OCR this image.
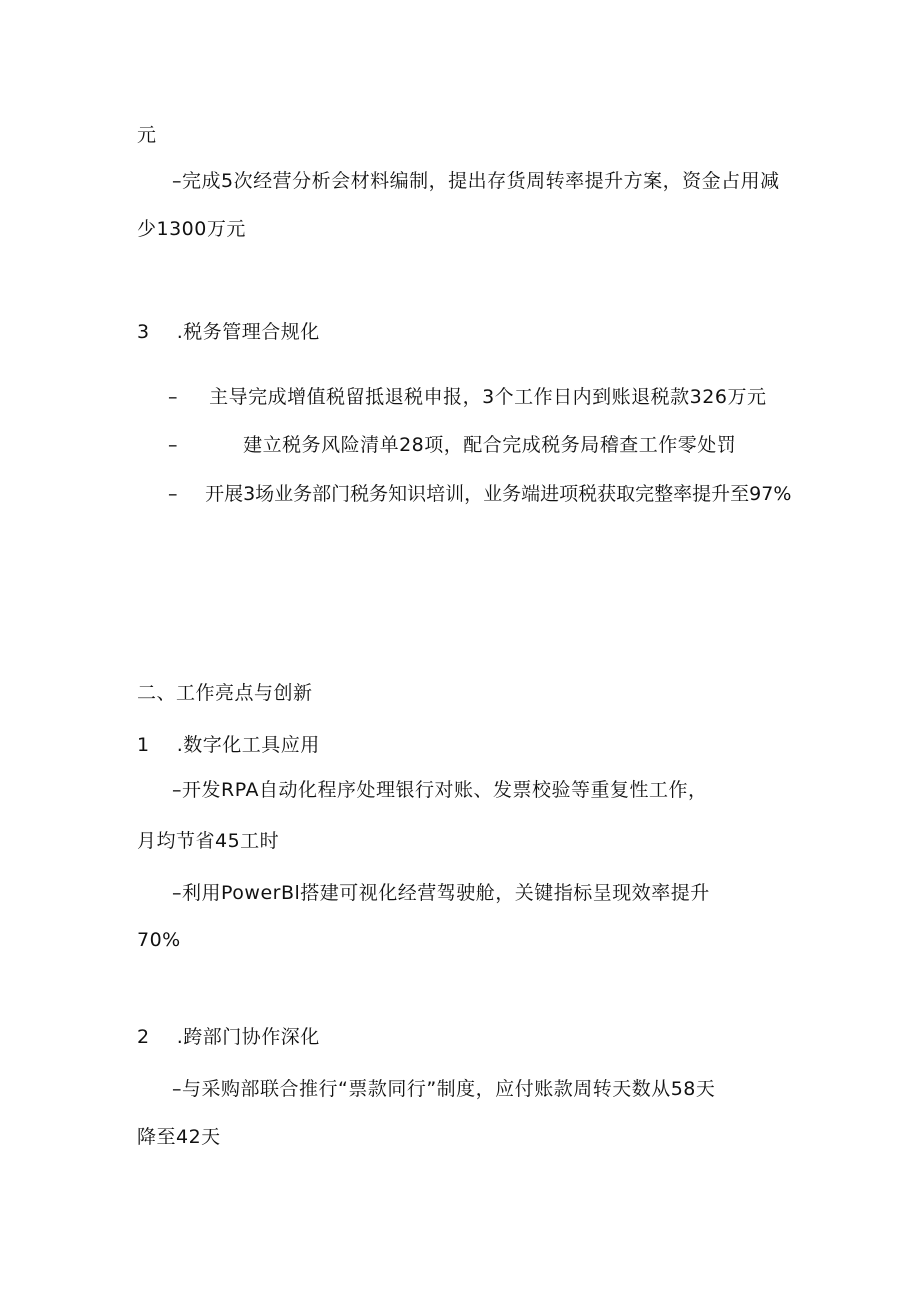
元
–完成5次经营分析会材料编制，提出存货周转率提升方案，资金占用减
少1300万元
3 .税务管理合规化
– 主导完成增值税留抵退税申报，3个工作日内到账退税款326万元
–	建立税务风险清单28项，配合完成税务局稽查工作零处罚
– 开展3场业务部门税务知识培训，业务端进项税获取完整率提升至97%
二、工作亮点与创新
1 .数字化工具应用
–开发RPA自动化程序处理银行对账、发票校验等重复性工作，
月均节省45工时
–利用PowerBl搭建可视化经营驾驶舱，关键指标呈现效率提升
70%
2 .跨部门协作深化
–与采购部联合推行“票款同行”制度，应付账款周转天数从58天
降至42天
